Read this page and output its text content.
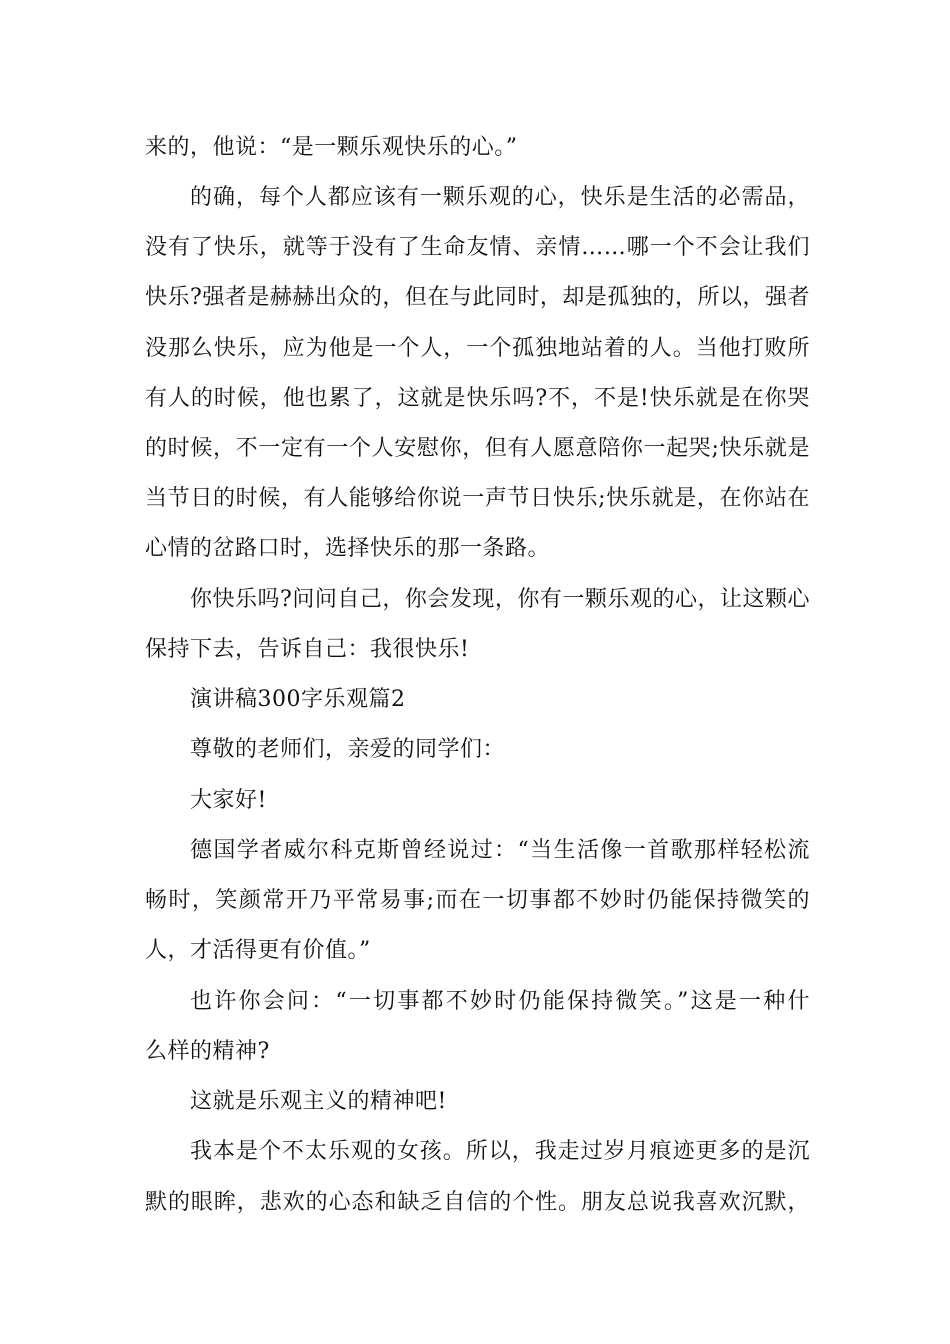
来的，他说：“是一颗乐观快乐的心。”
的确，每个人都应该有一颗乐观的心，快乐是生活的必需品，
没有了快乐，就等于没有了生命友情、亲情……哪一个不会让我们
快乐?强者是赫赫出众的，但在与此同时，却是孤独的，所以，强者
没那么快乐，应为他是一个人，一个孤独地站着的人。当他打败所
有人的时候，他也累了，这就是快乐吗?不，不是!快乐就是在你哭
的时候，不一定有一个人安慰你，但有人愿意陪你一起哭;快乐就是
当节日的时候，有人能够给你说一声节日快乐;快乐就是，在你站在
心情的岔路口时，选择快乐的那一条路。
你快乐吗?问问自己，你会发现，你有一颗乐观的心，让这颗心
保持下去，告诉自己：我很快乐!
演讲稿300字乐观篇2
尊敬的老师们，亲爱的同学们：
大家好!
德国学者威尔科克斯曾经说过：“当生活像一首歌那样轻松流
畅时，笑颜常开乃平常易事;而在一切事都不妙时仍能保持微笑的
人，才活得更有价值。”
也许你会问：“一切事都不妙时仍能保持微笑。”这是一种什
么样的精神?
这就是乐观主义的精神吧!
我本是个不太乐观的女孩。所以，我走过岁月痕迹更多的是沉
默的眼眸，悲欢的心态和缺乏自信的个性。朋友总说我喜欢沉默，
